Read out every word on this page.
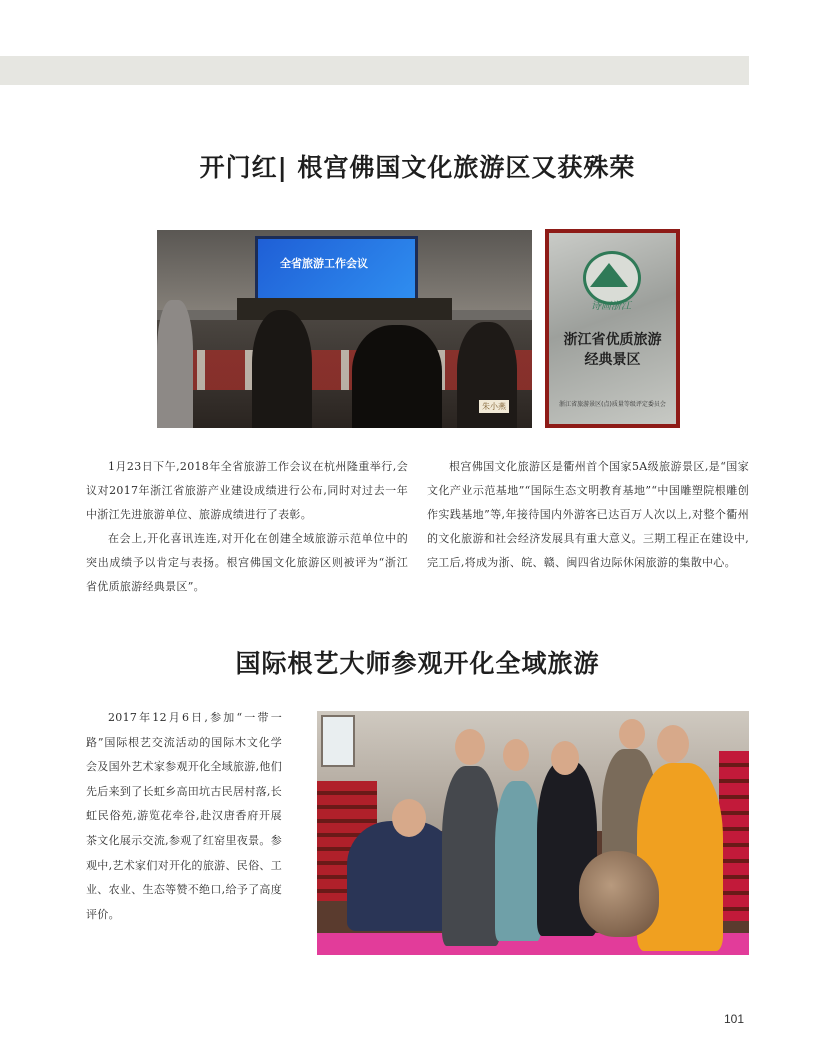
开门红| 根宫佛国文化旅游区又获殊荣
全省旅游工作会议
朱小燕
诗画浙江
浙江省优质旅游
经典景区
浙江省旅游景区(点)质量等级评定委员会

1月23日下午,2018年全省旅游工作会议在杭州隆重举行,会议对2017年浙江省旅游产业建设成绩进行公布,同时对过去一年中浙江先进旅游单位、旅游成绩进行了表彰。

在会上,开化喜讯连连,对开化在创建全域旅游示范单位中的突出成绩予以肯定与表扬。根宫佛国文化旅游区则被评为“浙江省优质旅游经典景区”。

根宫佛国文化旅游区是衢州首个国家5A级旅游景区,是“国家文化产业示范基地”“国际生态文明教育基地”“中国雕塑院根雕创作实践基地”等,年接待国内外游客已达百万人次以上,对整个衢州的文化旅游和社会经济发展具有重大意义。三期工程正在建设中,完工后,将成为浙、皖、赣、闽四省边际休闲旅游的集散中心。

国际根艺大师参观开化全域旅游

2017年12月6日,参加“一带一路”国际根艺交流活动的国际木文化学会及国外艺术家参观开化全域旅游,他们先后来到了长虹乡高田坑古民居村落,长虹民俗苑,游览花牵谷,赴汉唐香府开展茶文化展示交流,参观了红窑里夜景。参观中,艺术家们对开化的旅游、民俗、工业、农业、生态等赞不绝口,给予了高度评价。

101
